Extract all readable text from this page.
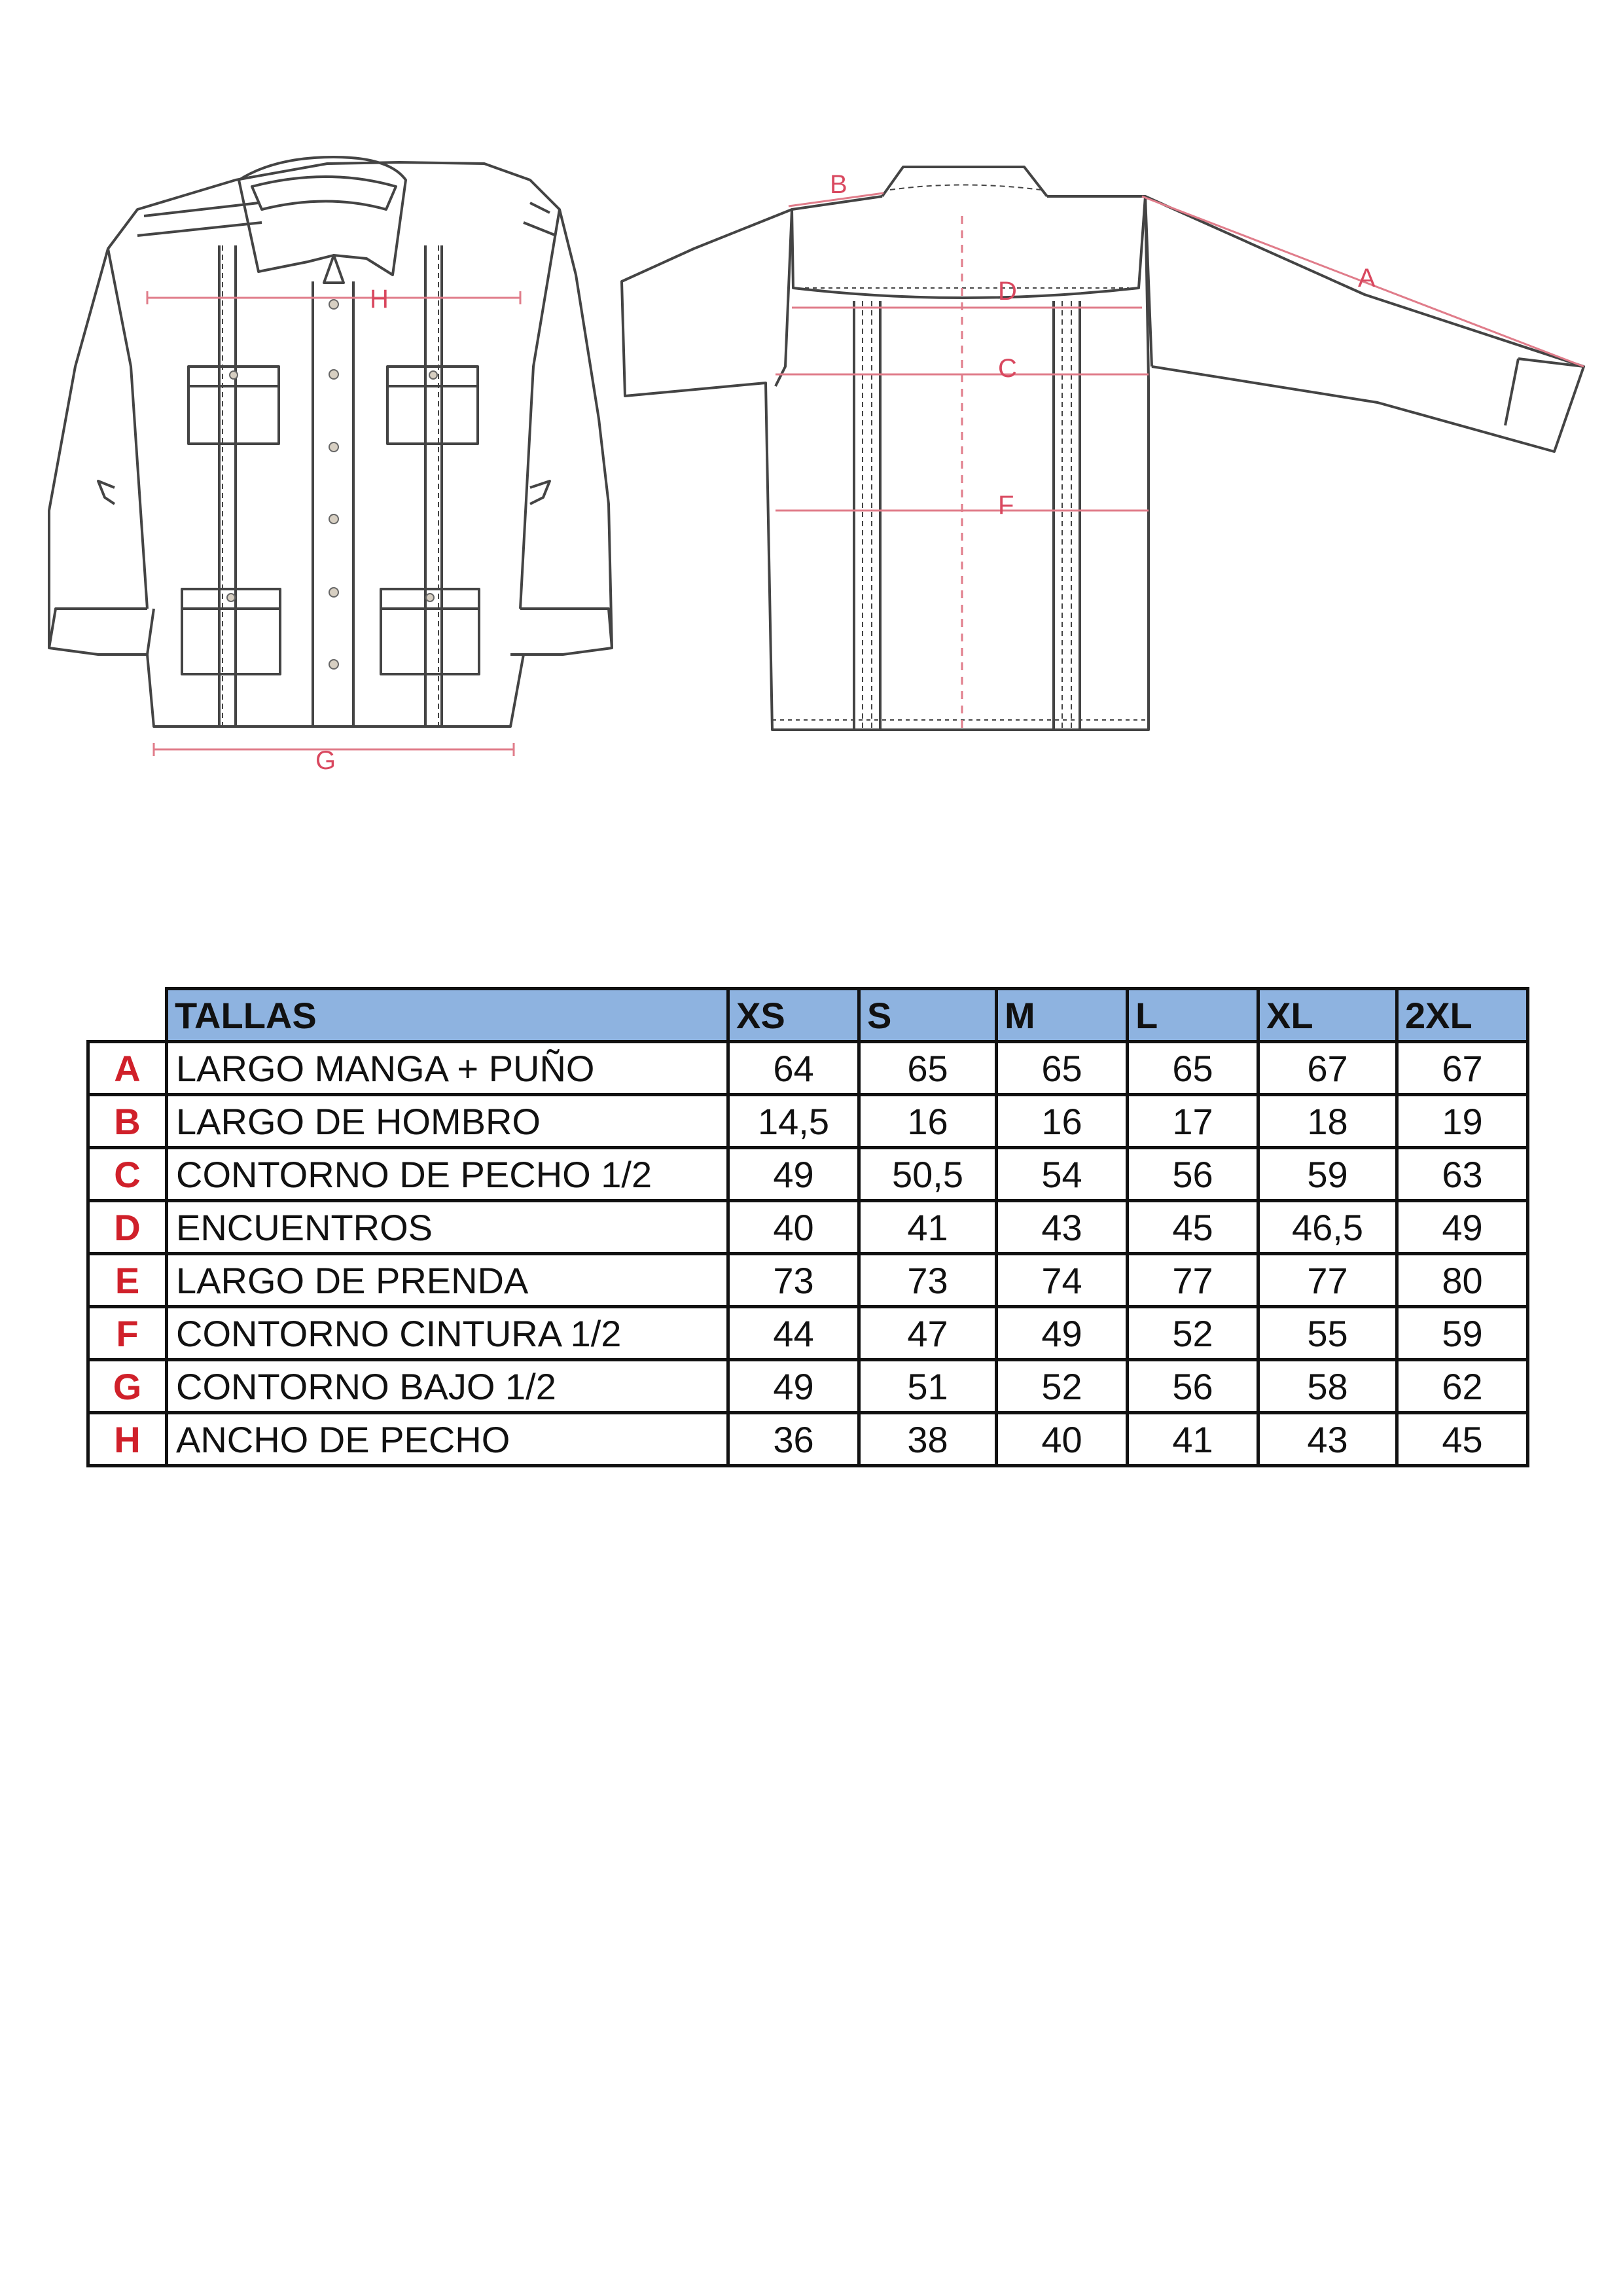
H
G
B
A
D
C
F
	TALLAS	XS	S	M	L	XL	2XL
A	LARGO MANGA + PUÑO	64	65	65	65	67	67
B	LARGO DE HOMBRO	14,5	16	16	17	18	19
C	CONTORNO DE PECHO 1/2	49	50,5	54	56	59	63
D	ENCUENTROS	40	41	43	45	46,5	49
E	LARGO DE PRENDA	73	73	74	77	77	80
F	CONTORNO CINTURA 1/2	44	47	49	52	55	59
G	CONTORNO BAJO 1/2	49	51	52	56	58	62
H	ANCHO DE PECHO	36	38	40	41	43	45
